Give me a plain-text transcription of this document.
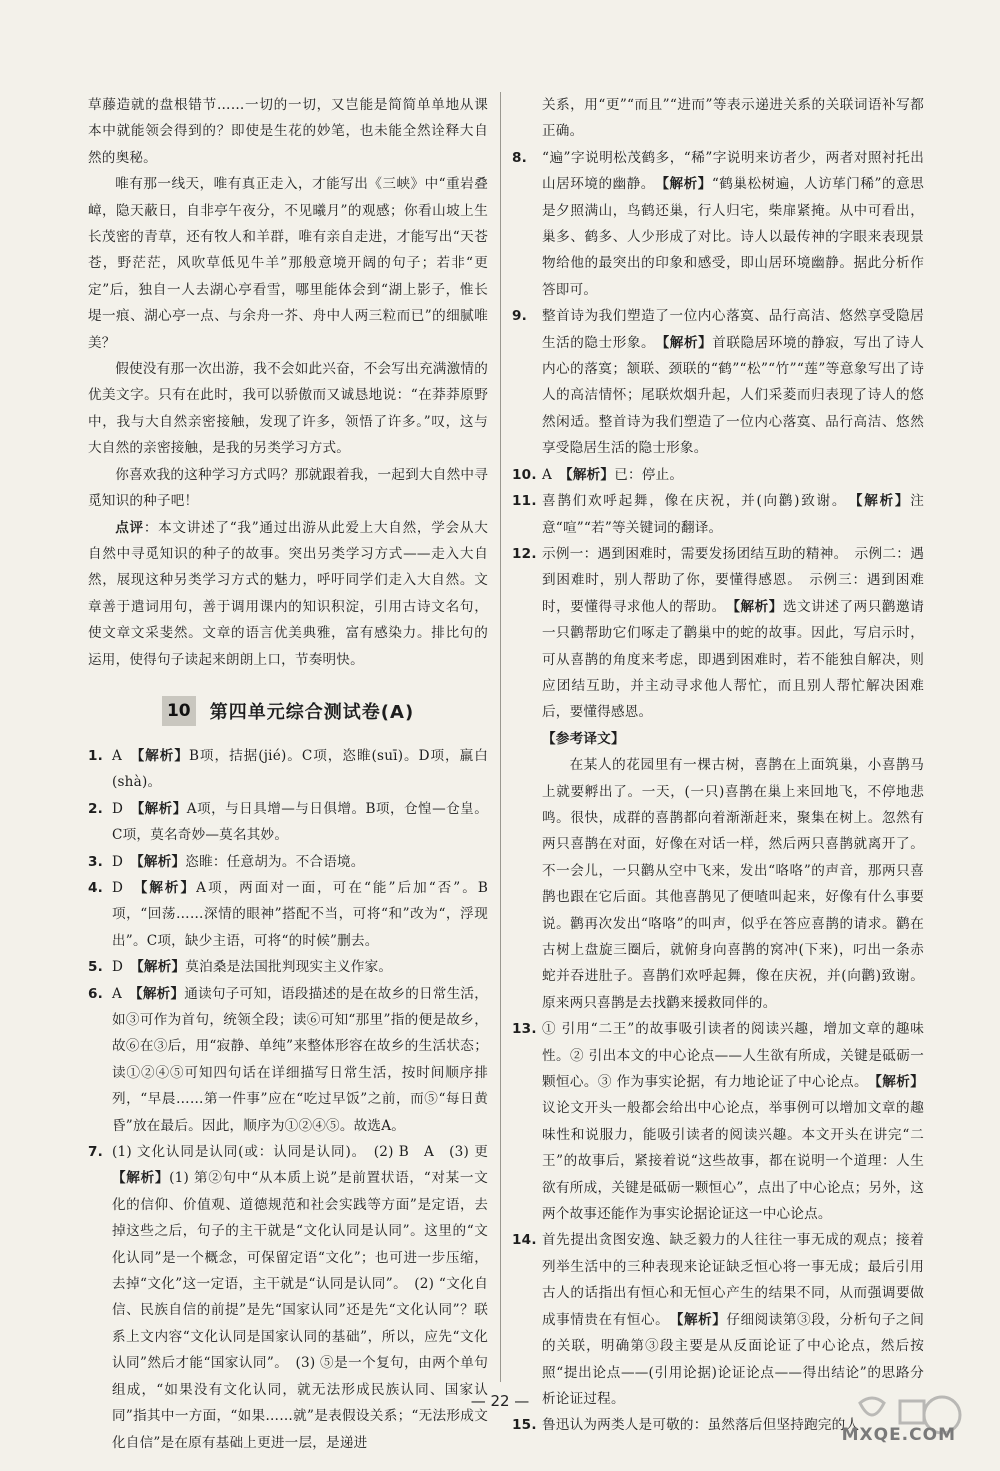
草藤造就的盘根错节……一切的一切，又岂能是简简单单地从课本中就能领会得到的？即使是生花的妙笔，也未能全然诠释大自然的奥秘。

唯有那一线天，唯有真正走入，才能写出《三峡》中“重岩叠嶂，隐天蔽日，自非亭午夜分，不见曦月”的观感；你看山坡上生长茂密的青草，还有牧人和羊群，唯有亲自走进，才能写出“天苍苍，野茫茫，风吹草低见牛羊”那般意境开阔的句子；若非“更定”后，独自一人去湖心亭看雪，哪里能体会到“湖上影子，惟长堤一痕、湖心亭一点、与余舟一芥、舟中人两三粒而已”的细腻唯美？

假使没有那一次出游，我不会如此兴奋，不会写出充满激情的优美文字。只有在此时，我可以骄傲而又诚恳地说：“在莽莽原野中，我与大自然亲密接触，发现了许多，领悟了许多。”叹，这与大自然的亲密接触，是我的另类学习方式。

你喜欢我的这种学习方式吗？那就跟着我，一起到大自然中寻觅知识的种子吧！

点评：本文讲述了“我”通过出游从此爱上大自然，学会从大自然中寻觅知识的种子的故事。突出另类学习方式——走入大自然，展现这种另类学习方式的魅力，呼吁同学们走入大自然。文章善于遣词用句，善于调用课内的知识积淀，引用古诗文名句，使文章文采斐然。文章的语言优美典雅，富有感染力。排比句的运用，使得句子读起来朗朗上口，节奏明快。

10 第四单元综合测试卷(A)

1. A　 【解析】B项，拮据(jié)。C项，恣睢(suī)。D项，羸白(shà)。

2. D　 【解析】A项，与日具增—与日俱增。B项，仓惶—仓皇。C项，莫名奇妙—莫名其妙。

3. D　 【解析】恣睢：任意胡为。不合语境。

4. D　 【解析】A项，两面对一面，可在“能”后加“否”。B项，“回荡……深情的眼神”搭配不当，可将“和”改为“，浮现出”。C项，缺少主语，可将“的时候”删去。

5. D　 【解析】莫泊桑是法国批判现实主义作家。

6. A　 【解析】通读句子可知，语段描述的是在故乡的日常生活，如③可作为首句，统领全段；读⑥可知“那里”指的便是故乡，故⑥在③后，用“寂静、单纯”来整体形容在故乡的生活状态；读①②④⑤可知四句话在详细描写日常生活，按时间顺序排列，“早晨……第一件事”应在“吃过早饭”之前，而⑤“每日黄昏”放在最后。因此，顺序为①②④⑤。故选A。

7. (1) 文化认同是认同(或：认同是认同)。　(2) B　A　(3) 更　【解析】(1) 第②句中“从本质上说”是前置状语，“对某一文化的信仰、价值观、道德规范和社会实践等方面”是定语，去掉这些之后，句子的主干就是“文化认同是认同”。这里的“文化认同”是一个概念，可保留定语“文化”；也可进一步压缩，去掉“文化”这一定语，主干就是“认同是认同”。　(2) “文化自信、民族自信的前提”是先“国家认同”还是先“文化认同”？联系上文内容“文化认同是国家认同的基础”，所以，应先“文化认同”然后才能“国家认同”。　(3) ⑤是一个复句，由两个单句组成，“如果没有文化认同，就无法形成民族认同、国家认同”指其中一方面，“如果……就”是表假设关系；“无法形成文化自信”是在原有基础上更进一层，是递进

关系，用“更”“而且”“进而”等表示递进关系的关联词语补写都正确。

8. “遍”字说明松茂鹤多，“稀”字说明来访者少，两者对照衬托出山居环境的幽静。　 【解析】“鹤巢松树遍，人访荜门稀”的意思是夕照满山，鸟鹤还巢，行人归宅，柴扉紧掩。从中可看出，巢多、鹤多、人少形成了对比。诗人以最传神的字眼来表现景物给他的最突出的印象和感受，即山居环境幽静。据此分析作答即可。

9. 整首诗为我们塑造了一位内心落寞、品行高洁、悠然享受隐居生活的隐士形象。　 【解析】首联隐居环境的静寂，写出了诗人内心的落寞；颔联、颈联的“鹤”“松”“竹”“莲”等意象写出了诗人的高洁情怀；尾联炊烟升起，人们采菱而归表现了诗人的悠然闲适。整首诗为我们塑造了一位内心落寞、品行高洁、悠然享受隐居生活的隐士形象。

10. A　 【解析】已：停止。

11. 喜鹊们欢呼起舞，像在庆祝，并(向鹳)致谢。　 【解析】注意“喧”“若”等关键词的翻译。

12. 示例一：遇到困难时，需要发扬团结互助的精神。　示例二：遇到困难时，别人帮助了你，要懂得感恩。　示例三：遇到困难时，要懂得寻求他人的帮助。　 【解析】选文讲述了两只鹳邀请一只鹳帮助它们啄走了鹳巢中的蛇的故事。因此，写启示时，可从喜鹊的角度来考虑，即遇到困难时，若不能独自解决，则应团结互助，并主动寻求他人帮忙，而且别人帮忙解决困难后，要懂得感恩。

【参考译文】

在某人的花园里有一棵古树，喜鹊在上面筑巢，小喜鹊马上就要孵出了。一天，(一只)喜鹊在巢上来回地飞，不停地悲鸣。很快，成群的喜鹊都向着渐渐赶来，聚集在树上。忽然有两只喜鹊在对面，好像在对话一样，然后两只喜鹊就离开了。不一会儿，一只鹳从空中飞来，发出“咯咯”的声音，那两只喜鹊也跟在它后面。其他喜鹊见了便喳叫起来，好像有什么事要说。鹳再次发出“咯咯”的叫声，似乎在答应喜鹊的请求。鹳在古树上盘旋三圈后，就俯身向喜鹊的窝冲(下来)，叼出一条赤蛇并吞进肚子。喜鹊们欢呼起舞，像在庆祝，并(向鹳)致谢。原来两只喜鹊是去找鹳来援救同伴的。

13. ① 引用“二王”的故事吸引读者的阅读兴趣，增加文章的趣味性。② 引出本文的中心论点——人生欲有所成，关键是砥砺一颗恒心。③ 作为事实论据，有力地论证了中心论点。　 【解析】议论文开头一般都会给出中心论点，举事例可以增加文章的趣味性和说服力，能吸引读者的阅读兴趣。本文开头在讲完“二王”的故事后，紧接着说“这些故事，都在说明一个道理：人生欲有所成，关键是砥砺一颗恒心”，点出了中心论点；另外，这两个故事还能作为事实论据论证这一中心论点。

14. 首先提出贪图安逸、缺乏毅力的人往往一事无成的观点；接着列举生活中的三种表现来论证缺乏恒心将一事无成；最后引用古人的话指出有恒心和无恒心产生的结果不同，从而强调要做成事情贵在有恒心。　 【解析】仔细阅读第③段，分析句子之间的关联，明确第③段主要是从反面论证了中心论点，然后按照“提出论点——(引用论据)论证论点——得出结论”的思路分析论证过程。

15. 鲁迅认为两类人是可敬的：虽然落后但坚持跑完的人

— 22 —
MXQE.COM
